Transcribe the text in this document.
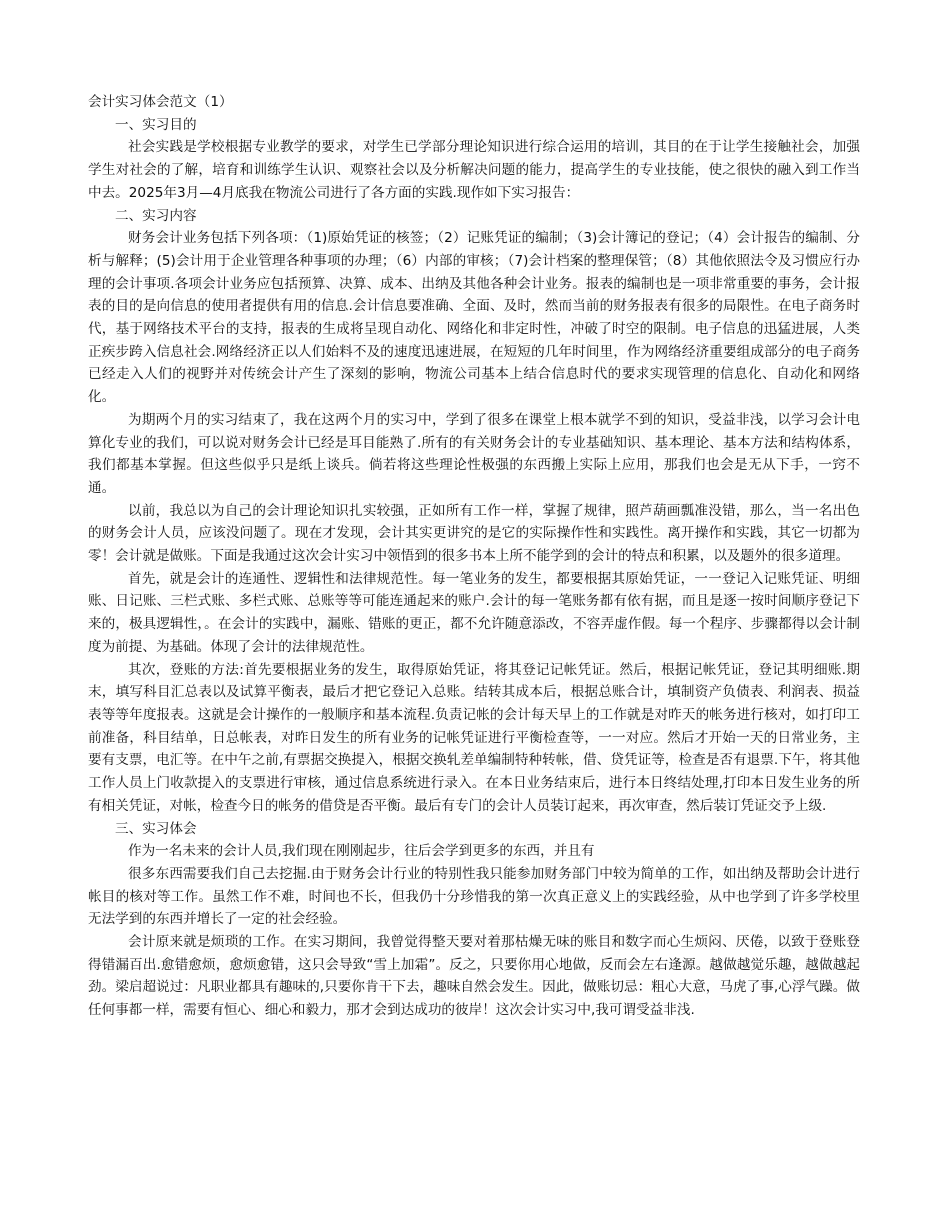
会计实习体会范文（1）

一、实习目的

社会实践是学校根据专业教学的要求，对学生已学部分理论知识进行综合运用的培训，其目的在于让学生接触社会，加强学生对社会的了解，培育和训练学生认识、观察社会以及分析解决问题的能力，提高学生的专业技能，使之很快的融入到工作当中去。2025年3月—4月底我在物流公司进行了各方面的实践.现作如下实习报告：

二、实习内容

财务会计业务包括下列各项：（1)原始凭证的核签；（2）记账凭证的编制；（3)会计簿记的登记；（4）会计报告的编制、分析与解释；(5)会计用于企业管理各种事项的办理；（6）内部的审核；（7)会计档案的整理保管；（8）其他依照法令及习惯应行办理的会计事项.各项会计业务应包括预算、决算、成本、出纳及其他各种会计业务。报表的编制也是一项非常重要的事务，会计报表的目的是向信息的使用者提供有用的信息.会计信息要准确、全面、及时，然而当前的财务报表有很多的局限性。在电子商务时代，基于网络技术平台的支持，报表的生成将呈现自动化、网络化和非定时性，冲破了时空的限制。电子信息的迅猛进展，人类正疾步跨入信息社会.网络经济正以人们始料不及的速度迅速进展，在短短的几年时间里，作为网络经济重要组成部分的电子商务已经走入人们的视野并对传统会计产生了深刻的影响，物流公司基本上结合信息时代的要求实现管理的信息化、自动化和网络化。

为期两个月的实习结束了，我在这两个月的实习中，学到了很多在课堂上根本就学不到的知识，受益非浅，以学习会计电算化专业的我们，可以说对财务会计已经是耳目能熟了.所有的有关财务会计的专业基础知识、基本理论、基本方法和结构体系，我们都基本掌握。但这些似乎只是纸上谈兵。倘若将这些理论性极强的东西搬上实际上应用，那我们也会是无从下手，一窍不通。

以前，我总以为自己的会计理论知识扎实较强，正如所有工作一样，掌握了规律，照芦葫画瓢准没错，那么，当一名出色的财务会计人员，应该没问题了。现在才发现，会计其实更讲究的是它的实际操作性和实践性。离开操作和实践，其它一切都为零！会计就是做账。下面是我通过这次会计实习中领悟到的很多书本上所不能学到的会计的特点和积累，以及题外的很多道理。

首先，就是会计的连通性、逻辑性和法律规范性。每一笔业务的发生，都要根据其原始凭证，一一登记入记账凭证、明细账、日记账、三栏式账、多栏式账、总账等等可能连通起来的账户.会计的每一笔账务都有依有据，而且是逐一按时间顺序登记下来的，极具逻辑性，。在会计的实践中，漏账、错账的更正，都不允许随意添改，不容弄虚作假。每一个程序、步骤都得以会计制度为前提、为基础。体现了会计的法律规范性。

其次，登账的方法:首先要根据业务的发生，取得原始凭证，将其登记记帐凭证。然后，根据记帐凭证，登记其明细账.期末，填写科目汇总表以及试算平衡表，最后才把它登记入总账。结转其成本后，根据总账合计，填制资产负债表、利润表、损益表等等年度报表。这就是会计操作的一般顺序和基本流程.负责记帐的会计每天早上的工作就是对昨天的帐务进行核对，如打印工前准备，科目结单，日总帐表，对昨日发生的所有业务的记帐凭证进行平衡检查等，一一对应。然后才开始一天的日常业务，主要有支票，电汇等。在中午之前,有票据交换提入，根据交换轧差单编制特种转帐，借、贷凭证等，检查是否有退票.下午，将其他工作人员上门收款提入的支票进行审核，通过信息系统进行录入。在本日业务结束后，进行本日终结处理,打印本日发生业务的所有相关凭证，对帐，检查今日的帐务的借贷是否平衡。最后有专门的会计人员装订起来，再次审查，然后装订凭证交予上级.

三、实习体会

作为一名未来的会计人员,我们现在刚刚起步，往后会学到更多的东西，并且有

很多东西需要我们自己去挖掘.由于财务会计行业的特别性我只能参加财务部门中较为简单的工作，如出纳及帮助会计进行帐目的核对等工作。虽然工作不难，时间也不长，但我仍十分珍惜我的第一次真正意义上的实践经验，从中也学到了许多学校里无法学到的东西并增长了一定的社会经验。

会计原来就是烦琐的工作。在实习期间，我曾觉得整天要对着那枯燥无味的账目和数字而心生烦闷、厌倦，以致于登账登得错漏百出.愈错愈烦，愈烦愈错，这只会导致“雪上加霜”。反之，只要你用心地做，反而会左右逢源。越做越觉乐趣，越做越起劲。梁启超说过：凡职业都具有趣味的,只要你肯干下去，趣味自然会发生。因此，做账切忌：粗心大意，马虎了事,心浮气躁。做任何事都一样，需要有恒心、细心和毅力，那才会到达成功的彼岸！这次会计实习中,我可谓受益非浅.
